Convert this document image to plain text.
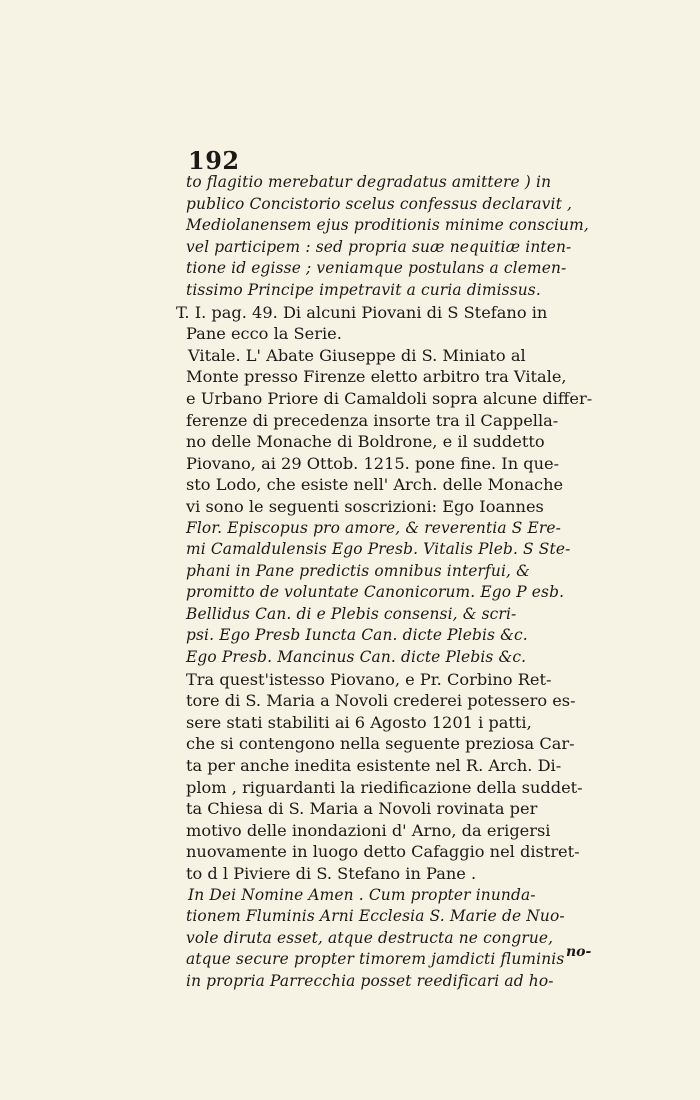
192
to flagitio merebatur degradatus amittere ) in
publico Concistorio scelus confessus declaravit ,
Mediolanensem ejus proditionis minime conscium,
vel participem : sed propria suæ nequitiæ inten-
tione id egisse ; veniamque postulans a clemen-
tissimo Principe impetravit a curia dimissus.
T. I. pag. 49. Di alcuni Piovani di S Stefano in
Pane ecco la Serie.
Vitale. L' Abate Giuseppe di S. Miniato al
Monte presso Firenze eletto arbitro tra Vitale,
e Urbano Priore di Camaldoli sopra alcune differ-
ferenze di precedenza insorte tra il Cappella-
no delle Monache di Boldrone, e il suddetto
Piovano, ai 29 Ottob. 1215. pone fine. In que-
sto Lodo, che esiste nell' Arch. delle Monache
vi sono le seguenti soscrizioni: Ego Ioannes
Flor. Episcopus pro amore, & reverentia S Ere-
mi Camaldulensis Ego Presb. Vitalis Pleb. S Ste-
phani in Pane predictis omnibus interfui, &
promitto de voluntate Canonicorum. Ego P esb.
Bellidus Can. di e Plebis consensi, & scri-
psi. Ego Presb Iuncta Can. dicte Plebis &c.
Ego Presb. Mancinus Can. dicte Plebis &c.
Tra quest'istesso Piovano, e Pr. Corbino Ret-
tore di S. Maria a Novoli crederei potessero es-
sere stati stabiliti ai 6 Agosto 1201 i patti,
che si contengono nella seguente preziosa Car-
ta per anche inedita esistente nel R. Arch. Di-
plom , riguardanti la riedificazione della suddet-
ta Chiesa di S. Maria a Novoli rovinata per
motivo delle inondazioni d' Arno, da erigersi
nuovamente in luogo detto Cafaggio nel distret-
to d l Piviere di S. Stefano in Pane .
In Dei Nomine Amen . Cum propter inunda-
tionem Fluminis Arni Ecclesia S. Marie de Nuo-
vole diruta esset, atque destructa ne congrue,
atque secure propter timorem jamdicti fluminis
in propria Parrecchia posset reedificari ad ho-
no-
